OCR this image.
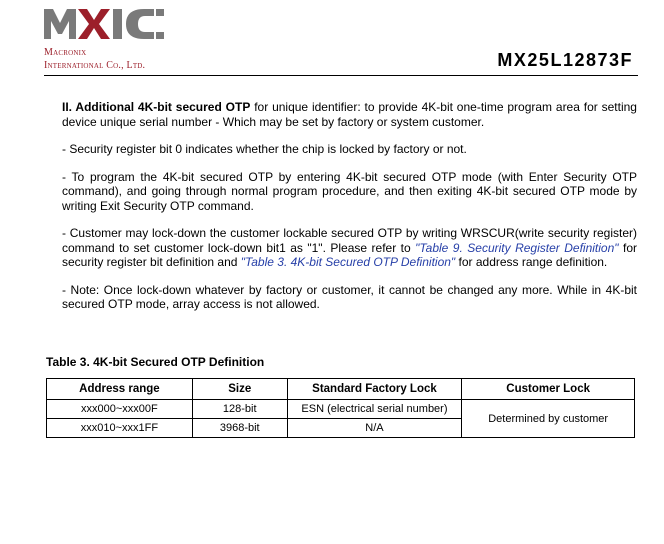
Macronix
International Co., Ltd.	MX25L12873F

II. Additional 4K-bit secured OTP for unique identifier: to provide 4K-bit one-time program area for setting device unique serial number - Which may be set by factory or system customer.

- Security register bit 0 indicates whether the chip is locked by factory or not.

- To program the 4K-bit secured OTP by entering 4K-bit secured OTP mode (with Enter Security OTP command), and going through normal program procedure, and then exiting 4K-bit secured OTP mode by writing Exit Security OTP command.

- Customer may lock-down the customer lockable secured OTP by writing WRSCUR(write security register) command to set customer lock-down bit1 as "1". Please refer to "Table 9. Security Register Definition" for security register bit definition and "Table 3. 4K-bit Secured OTP Definition" for address range definition.

- Note: Once lock-down whatever by factory or customer, it cannot be changed any more. While in 4K-bit secured OTP mode, array access is not allowed.

Table 3. 4K-bit Secured OTP Definition
Address range	Size	Standard Factory Lock	Customer Lock
xxx000~xxx00F	128-bit	ESN (electrical serial number)	Determined by customer
xxx010~xxx1FF	3968-bit	N/A	
